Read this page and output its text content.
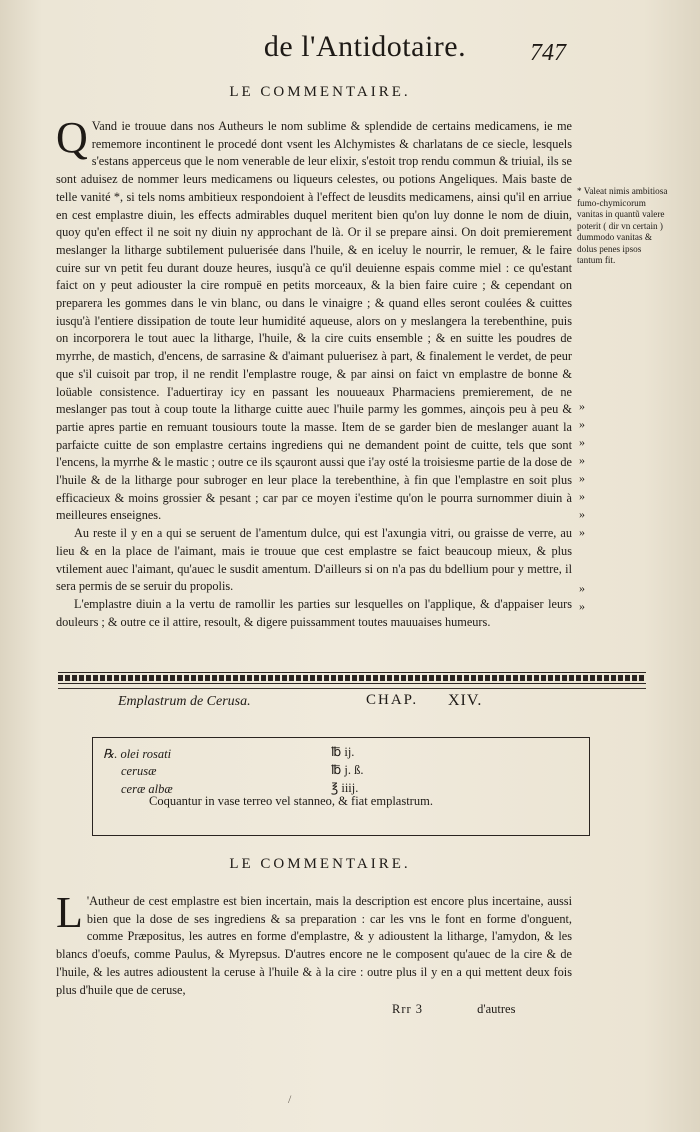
de l'Antidotaire.	747
LE COMMENTAIRE.

Q Vand ie trouue dans nos Autheurs le nom sublime & splendide de certains medicamens, ie me rememore incontinent le procedé dont vsent les Alchymistes & charlatans de ce siecle, lesquels s'estans apperceus que le nom venerable de leur elixir, s'estoit trop rendu commun & triuial, ils se sont aduisez de nommer leurs medicamens ou liqueurs celestes, ou potions Angeliques. Mais baste de telle vanité *, si tels noms ambitieux respondoient à l'effect de leusdits medicamens, ainsi qu'il en arriue en cest emplastre diuin, les effects admirables duquel meritent bien qu'on luy donne le nom de diuin, quoy qu'en effect il ne soit ny diuin ny approchant de là. Or il se prepare ainsi. On doit premierement meslanger la litharge subtilement puluerisée dans l'huile, & en iceluy le nourrir, le remuer, & le faire cuire sur vn petit feu durant douze heures, iusqu'à ce qu'il deuienne espais comme miel : ce qu'estant faict on y peut adiouster la cire rompuë en petits morceaux, & la bien faire cuire ; & cependant on preparera les gommes dans le vin blanc, ou dans le vinaigre ; & quand elles seront coulées & cuittes iusqu'à l'entiere dissipation de toute leur humidité aqueuse, alors on y meslangera la terebenthine, puis on incorporera le tout auec la litharge, l'huile, & la cire cuits ensemble ; & en suitte les poudres de myrrhe, de mastich, d'encens, de sarrasine & d'aimant puluerisez à part, & finalement le verdet, de peur que s'il cuisoit par trop, il ne rendit l'emplastre rouge, & par ainsi on faict vn emplastre de bonne & loüable consistence. I'aduertiray icy en passant les nouueaux Pharmaciens premierement, de ne meslanger pas tout à coup toute la litharge cuitte auec l'huile parmy les gommes, ainçois peu à peu & partie apres partie en remuant tousiours toute la masse. Item de se garder bien de meslanger auant la parfaicte cuitte de son emplastre certains ingrediens qui ne demandent point de cuitte, tels que sont l'encens, la myrrhe & le mastic ; outre ce ils sçauront aussi que i'ay osté la troisiesme partie de la dose de l'huile & de la litharge pour subroger en leur place la terebenthine, à fin que l'emplastre en soit plus efficacieux & moins grossier & pesant ; car par ce moyen i'estime qu'on le pourra surnommer diuin à meilleures enseignes.

Au reste il y en a qui se seruent de l'amentum dulce, qui est l'axungia vitri, ou graisse de verre, au lieu & en la place de l'aimant, mais ie trouue que cest emplastre se faict beaucoup mieux, & plus vtilement auec l'aimant, qu'auec le susdit amentum. D'ailleurs si on n'a pas du bdellium pour y mettre, il sera permis de se seruir du propolis.

L'emplastre diuin a la vertu de ramollir les parties sur lesquelles on l'applique, & d'appaiser leurs douleurs ; & outre ce il attire, resoult, & digere puissamment toutes mauuaises humeurs.

* Valeat nimis ambitiosa fumo-chymicorum vanitas in quantũ valere poterit ( dir vn certain ) dummodo vanitas & dolus penes ipsos tantum fit.
»
»
»
»
»
»
»
»
»
»
Emplastrum de Cerusa.	CHAP. XIV.
℞. olei rosati	℔ ij.
cerusæ	℔ j. ß.
ceræ albæ	℥ iiij.
Coquantur in vase terreo vel stanneo, & fiat emplastrum.
LE COMMENTAIRE.

L 'Autheur de cest emplastre est bien incertain, mais la description est encore plus incertaine, aussi bien que la dose de ses ingrediens & sa preparation : car les vns le font en forme d'onguent, comme Præpositus, les autres en forme d'emplastre, & y adioustent la litharge, l'amydon, & les blancs d'oeufs, comme Paulus, & Myrepsus. D'autres encore ne le composent qu'auec de la cire & de l'huile, & les autres adioustent la ceruse à l'huile & à la cire : outre plus il y en a qui mettent deux fois plus d'huile que de ceruse,

Rrr 3	d'autres
/
